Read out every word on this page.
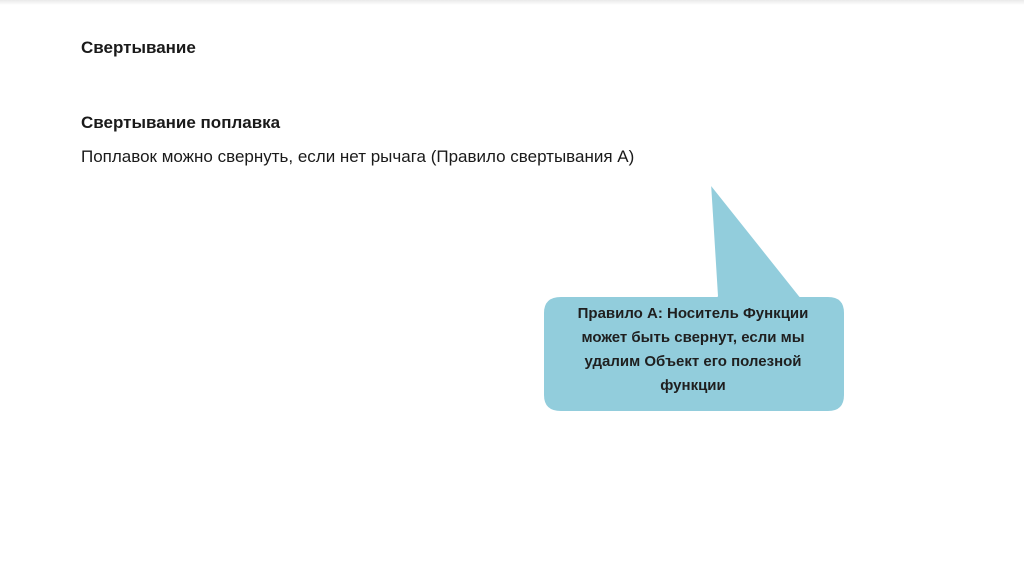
Свертывание
Свертывание поплавка
Поплавок можно свернуть, если нет рычага (Правило свертывания А)
Правило А: Носитель Функции
может быть свернут, если мы
удалим Объект его полезной
функции
